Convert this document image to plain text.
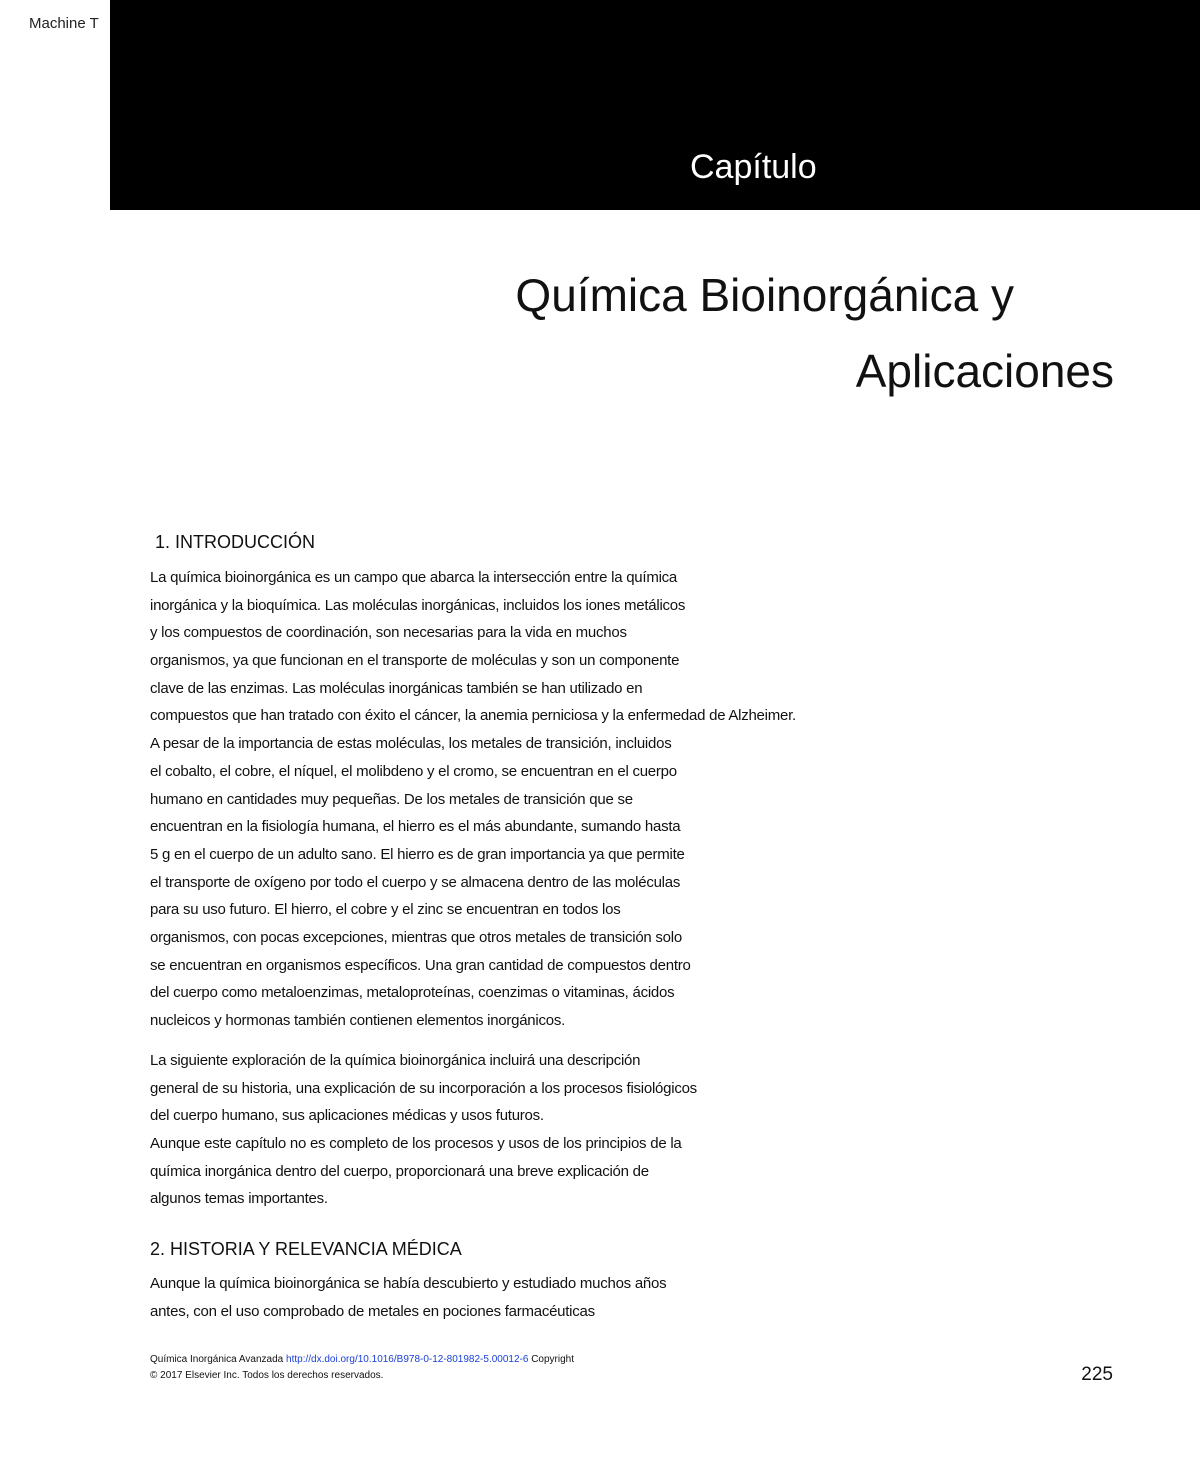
Machine T
Capítulo
Química Bioinorgánica y
Aplicaciones
1. INTRODUCCIÓN
La química bioinorgánica es un campo que abarca la intersección entre la química
inorgánica y la bioquímica. Las moléculas inorgánicas, incluidos los iones metálicos
y los compuestos de coordinación, son necesarias para la vida en muchos
organismos, ya que funcionan en el transporte de moléculas y son un componente
clave de las enzimas. Las moléculas inorgánicas también se han utilizado en
compuestos que han tratado con éxito el cáncer, la anemia perniciosa y la enfermedad de Alzheimer.
A pesar de la importancia de estas moléculas, los metales de transición, incluidos
el cobalto, el cobre, el níquel, el molibdeno y el cromo, se encuentran en el cuerpo
humano en cantidades muy pequeñas. De los metales de transición que se
encuentran en la fisiología humana, el hierro es el más abundante, sumando hasta
5 g en el cuerpo de un adulto sano. El hierro es de gran importancia ya que permite
el transporte de oxígeno por todo el cuerpo y se almacena dentro de las moléculas
para su uso futuro. El hierro, el cobre y el zinc se encuentran en todos los
organismos, con pocas excepciones, mientras que otros metales de transición solo
se encuentran en organismos específicos. Una gran cantidad de compuestos dentro
del cuerpo como metaloenzimas, metaloproteínas, coenzimas o vitaminas, ácidos
nucleicos y hormonas también contienen elementos inorgánicos.
La siguiente exploración de la química bioinorgánica incluirá una descripción
general de su historia, una explicación de su incorporación a los procesos fisiológicos
del cuerpo humano, sus aplicaciones médicas y usos futuros.
Aunque este capítulo no es completo de los procesos y usos de los principios de la
química inorgánica dentro del cuerpo, proporcionará una breve explicación de
algunos temas importantes.
2. HISTORIA Y RELEVANCIA MÉDICA
Aunque la química bioinorgánica se había descubierto y estudiado muchos años
antes, con el uso comprobado de metales en pociones farmacéuticas
Química Inorgánica Avanzada http://dx.doi.org/10.1016/B978-0-12-801982-5.00012-6 Copyright
© 2017 Elsevier Inc. Todos los derechos reservados.	225
